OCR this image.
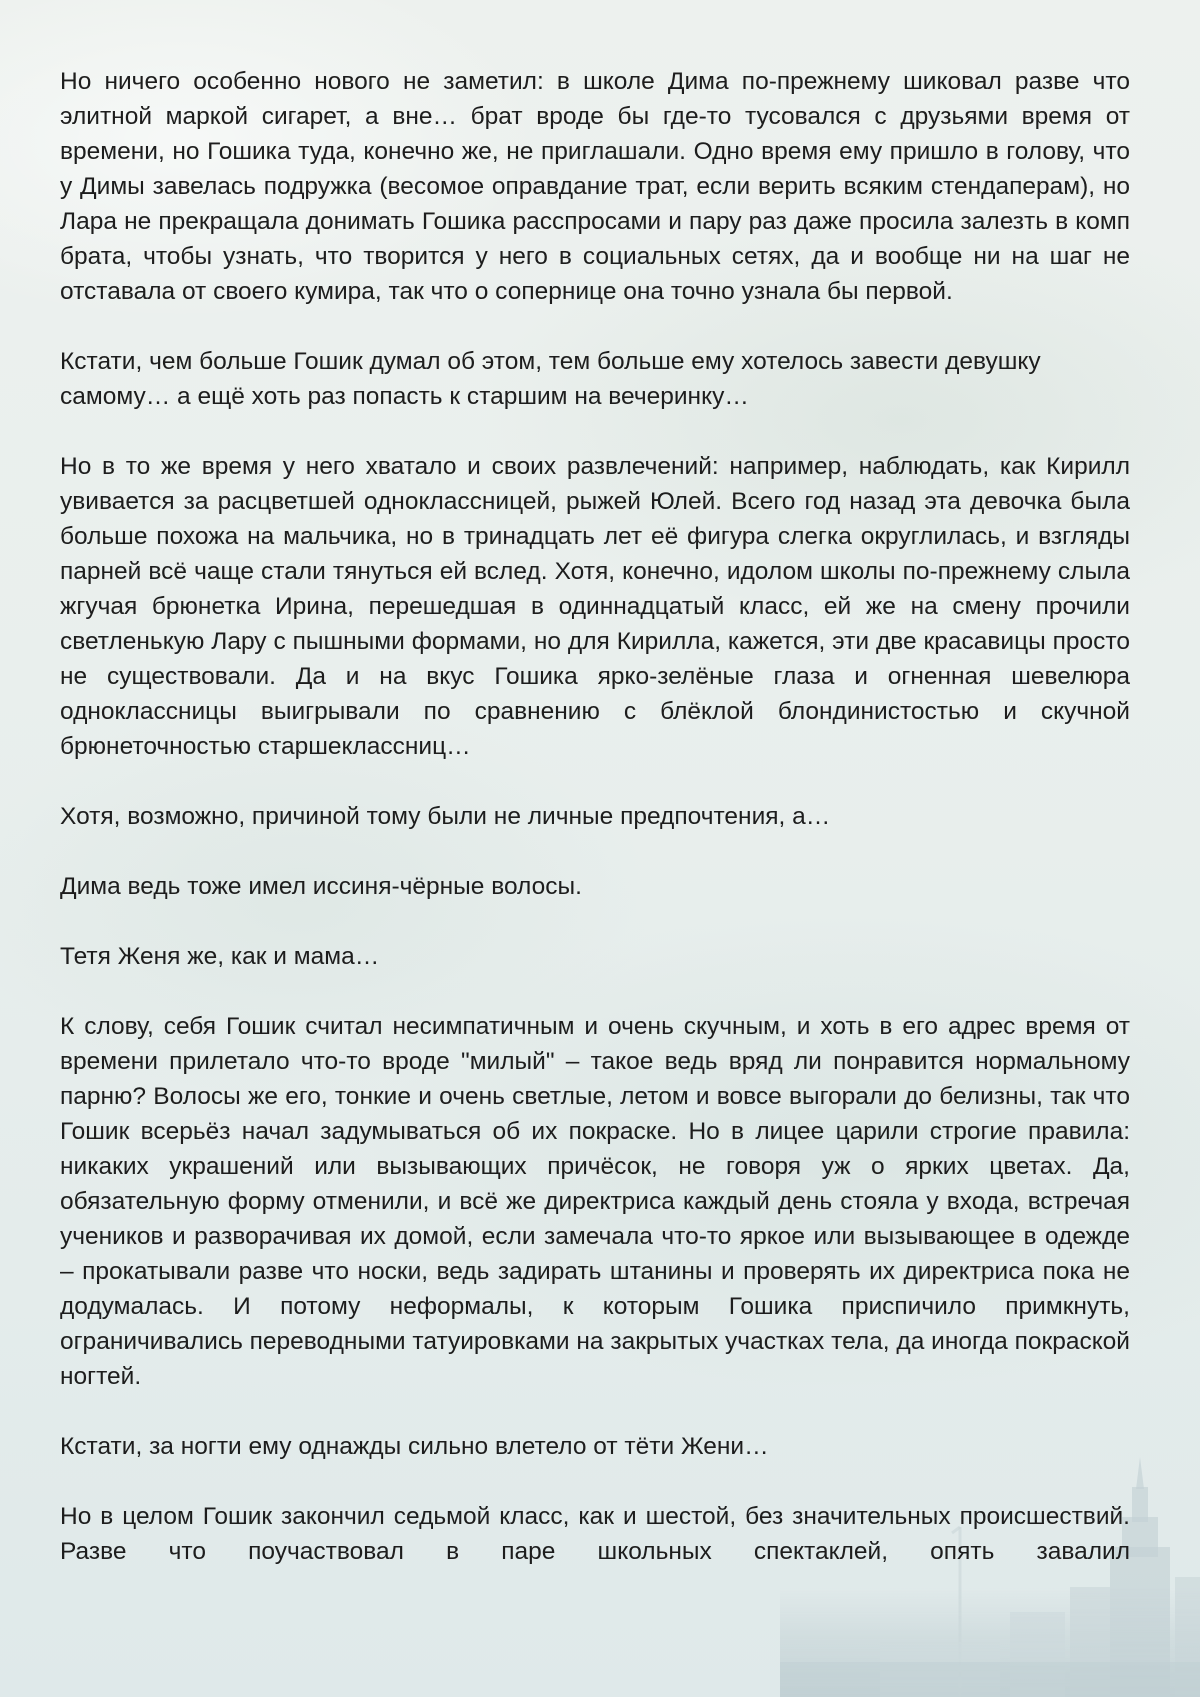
Но ничего особенно нового не заметил: в школе Дима по-прежнему шиковал разве что элитной маркой сигарет, а вне… брат вроде бы где-то тусовался с друзьями время от времени, но Гошика туда, конечно же, не приглашали. Одно время ему пришло в голову, что у Димы завелась подружка (весомое оправдание трат, если верить всяким стендаперам), но Лара не прекращала донимать Гошика расспросами и пару раз даже просила залезть в комп брата, чтобы узнать, что творится у него в социальных сетях, да и вообще ни на шаг не отставала от своего кумира, так что о сопернице она точно узнала бы первой.

Кстати, чем больше Гошик думал об этом, тем больше ему хотелось завести девушку самому… а ещё хоть раз попасть к старшим на вечеринку…

Но в то же время у него хватало и своих развлечений: например, наблюдать, как Кирилл увивается за расцветшей одноклассницей, рыжей Юлей. Всего год назад эта девочка была больше похожа на мальчика, но в тринадцать лет её фигура слегка округлилась, и взгляды парней всё чаще стали тянуться ей вслед. Хотя, конечно, идолом школы по-прежнему слыла жгучая брюнетка Ирина, перешедшая в одиннадцатый класс, ей же на смену прочили светленькую Лару с пышными формами, но для Кирилла, кажется, эти две красавицы просто не существовали. Да и на вкус Гошика ярко-зелёные глаза и огненная шевелюра одноклассницы выигрывали по сравнению с блёклой блондинистостью и скучной брюнеточностью старшеклассниц…

Хотя, возможно, причиной тому были не личные предпочтения, а…

Дима ведь тоже имел иссиня-чёрные волосы.

Тетя Женя же, как и мама…

К слову, себя Гошик считал несимпатичным и очень скучным, и хоть в его адрес время от времени прилетало что-то вроде "милый" – такое ведь вряд ли понравится нормальному парню? Волосы же его, тонкие и очень светлые, летом и вовсе выгорали до белизны, так что Гошик всерьёз начал задумываться об их покраске. Но в лицее царили строгие правила: никаких украшений или вызывающих причёсок, не говоря уж о ярких цветах. Да, обязательную форму отменили, и всё же директриса каждый день стояла у входа, встречая учеников и разворачивая их домой, если замечала что-то яркое или вызывающее в одежде – прокатывали разве что носки, ведь задирать штанины и проверять их директриса пока не додумалась. И потому неформалы, к которым Гошика приспичило примкнуть, ограничивались переводными татуировками на закрытых участках тела, да иногда покраской ногтей.

Кстати, за ногти ему однажды сильно влетело от тёти Жени…

Но в целом Гошик закончил седьмой класс, как и шестой, без значительных происшествий. Разве что поучаствовал в паре школьных спектаклей, опять завалил
